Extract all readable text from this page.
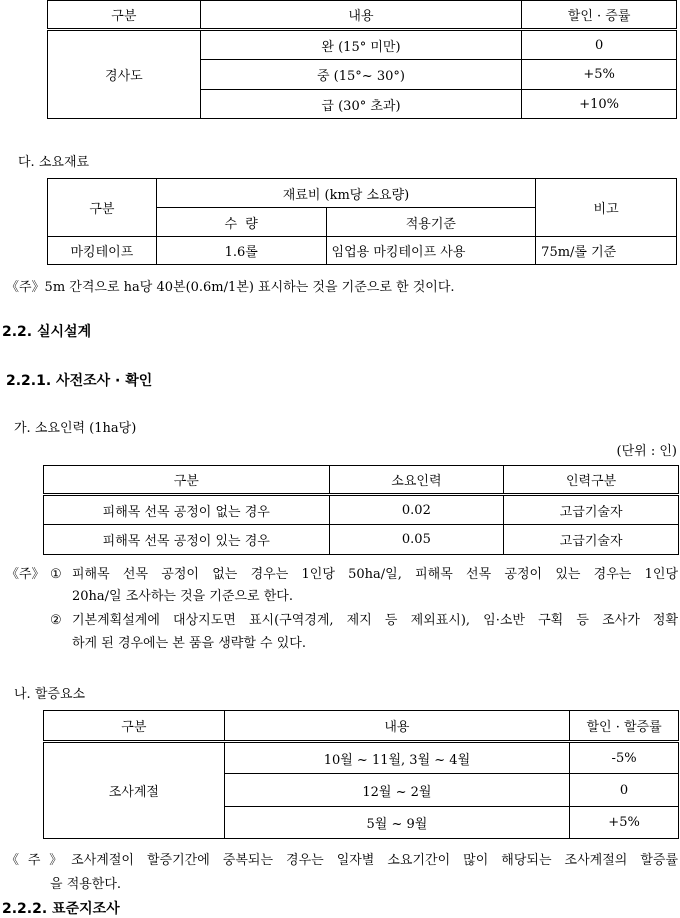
구분	내용	할인 · 증률
경사도	완 (15° 미만)	0
	중 (15°~ 30°)	+5%
	급 (30° 초과)	+10%
다. 소요재료
구분	재료비 (km당 소요량)		비고
	수  량	적용기준	
마킹테이프	1.6롤	임업용 마킹테이프 사용	75m/롤 기준
《주》5m 간격으로 ha당 40본(0.6m/1본) 표시하는 것을 기준으로 한 것이다.
2.2. 실시설계
2.2.1. 사전조사 · 확인
가. 소요인력 (1ha당)
(단위 : 인)
구분	소요인력	인력구분
피해목 선목 공정이 없는 경우	0.02	고급기술자
피해목 선목 공정이 있는 경우	0.05	고급기술자
《주》 ① 피해목 선목 공정이 없는 경우는 1인당 50ha/일, 피해목 선목 공정이 있는 경우는 1인당
20ha/일 조사하는 것을 기준으로 한다.
② 기본계획설계에 대상지도면 표시(구역경계, 제지 등 제외표시), 임·소반 구획 등 조사가 정확
하게 된 경우에는 본 품을 생략할 수 있다.
나. 할증요소
구분	내용	할인 · 할증률
조사계절	10월 ~ 11월, 3월 ~ 4월	-5%
	12월 ~ 2월	0
	5월 ~ 9월	+5%
《주》조사계절이 할증기간에 중복되는 경우는 일자별 소요기간이 많이 해당되는 조사계절의 할증률
을 적용한다.
2.2.2. 표준지조사
